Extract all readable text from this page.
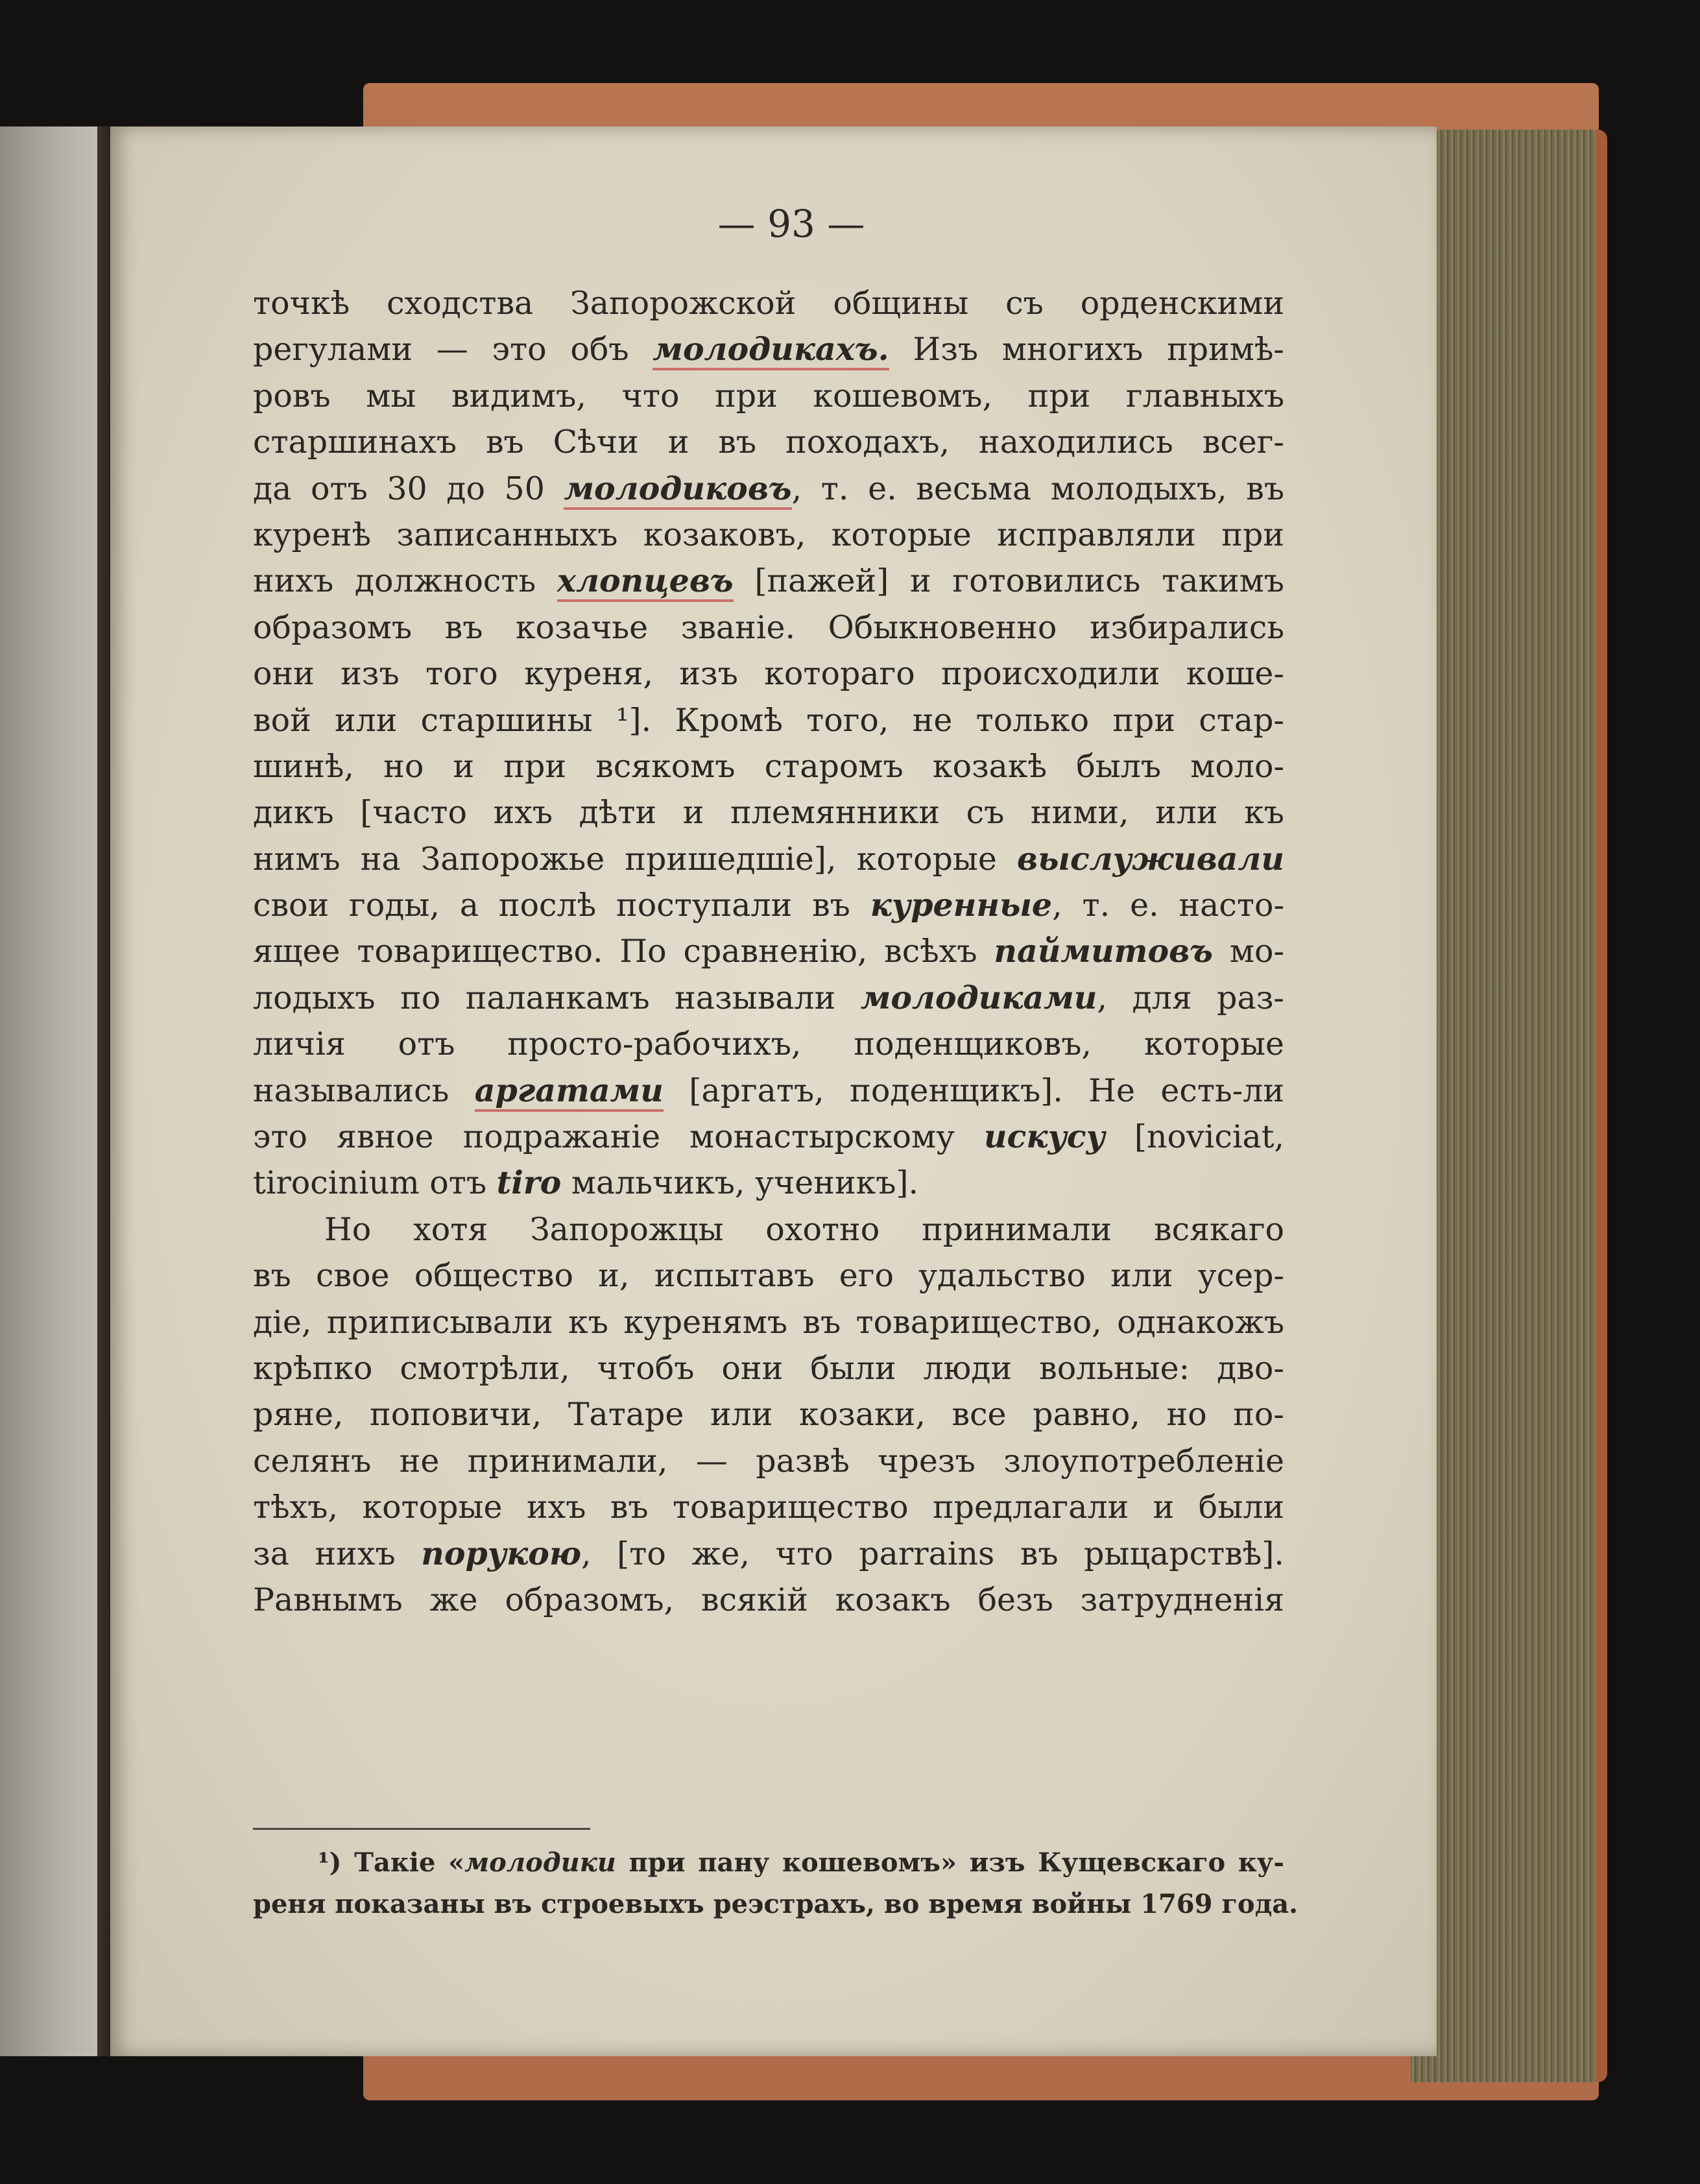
— 93 —
точкѣ сходства Запорожской общины съ орденскими
регулами — это объ молодикахъ. Изъ многихъ примѣ-
ровъ мы видимъ, что при кошевомъ, при главныхъ
старшинахъ въ Сѣчи и въ походахъ, находились всег-
да отъ 30 до 50 молодиковъ, т. е. весьма молодыхъ, въ
куренѣ записанныхъ козаковъ, которые исправляли при
нихъ должность хлопцевъ [пажей] и готовились такимъ
образомъ въ козачье званіе. Обыкновенно избирались
они изъ того куреня, изъ котораго происходили коше-
вой или старшины ¹]. Кромѣ того, не только при стар-
шинѣ, но и при всякомъ старомъ козакѣ былъ моло-
дикъ [часто ихъ дѣти и племянники съ ними, или къ
нимъ на Запорожье пришедшіе], которые выслуживали
свои годы, а послѣ поступали въ куренные, т. е. насто-
ящее товарищество. По сравненію, всѣхъ паймитовъ мо-
лодыхъ по паланкамъ называли молодиками, для раз-
личія отъ просто-рабочихъ, поденщиковъ, которые
назывались аргатами [аргатъ, поденщикъ]. Не есть-ли
это явное подражаніе монастырскому искусу [noviciat,
tirocinium отъ tiro мальчикъ, ученикъ].
Но хотя Запорожцы охотно принимали всякаго
въ свое общество и, испытавъ его удальство или усер-
діе, приписывали къ куренямъ въ товарищество, однакожъ
крѣпко смотрѣли, чтобъ они были люди вольные: дво-
ряне, поповичи, Татаре или козаки, все равно, но по-
селянъ не принимали, — развѣ чрезъ злоупотребленіе
тѣхъ, которые ихъ въ товарищество предлагали и были
за нихъ порукою, [то же, что parrains въ рыцарствѣ].
Равнымъ же образомъ, всякій козакъ безъ затрудненія
¹) Такіе «молодики при пану кошевомъ» изъ Кущевскаго ку-
реня показаны въ строевыхъ реэстрахъ, во время войны 1769 года.
